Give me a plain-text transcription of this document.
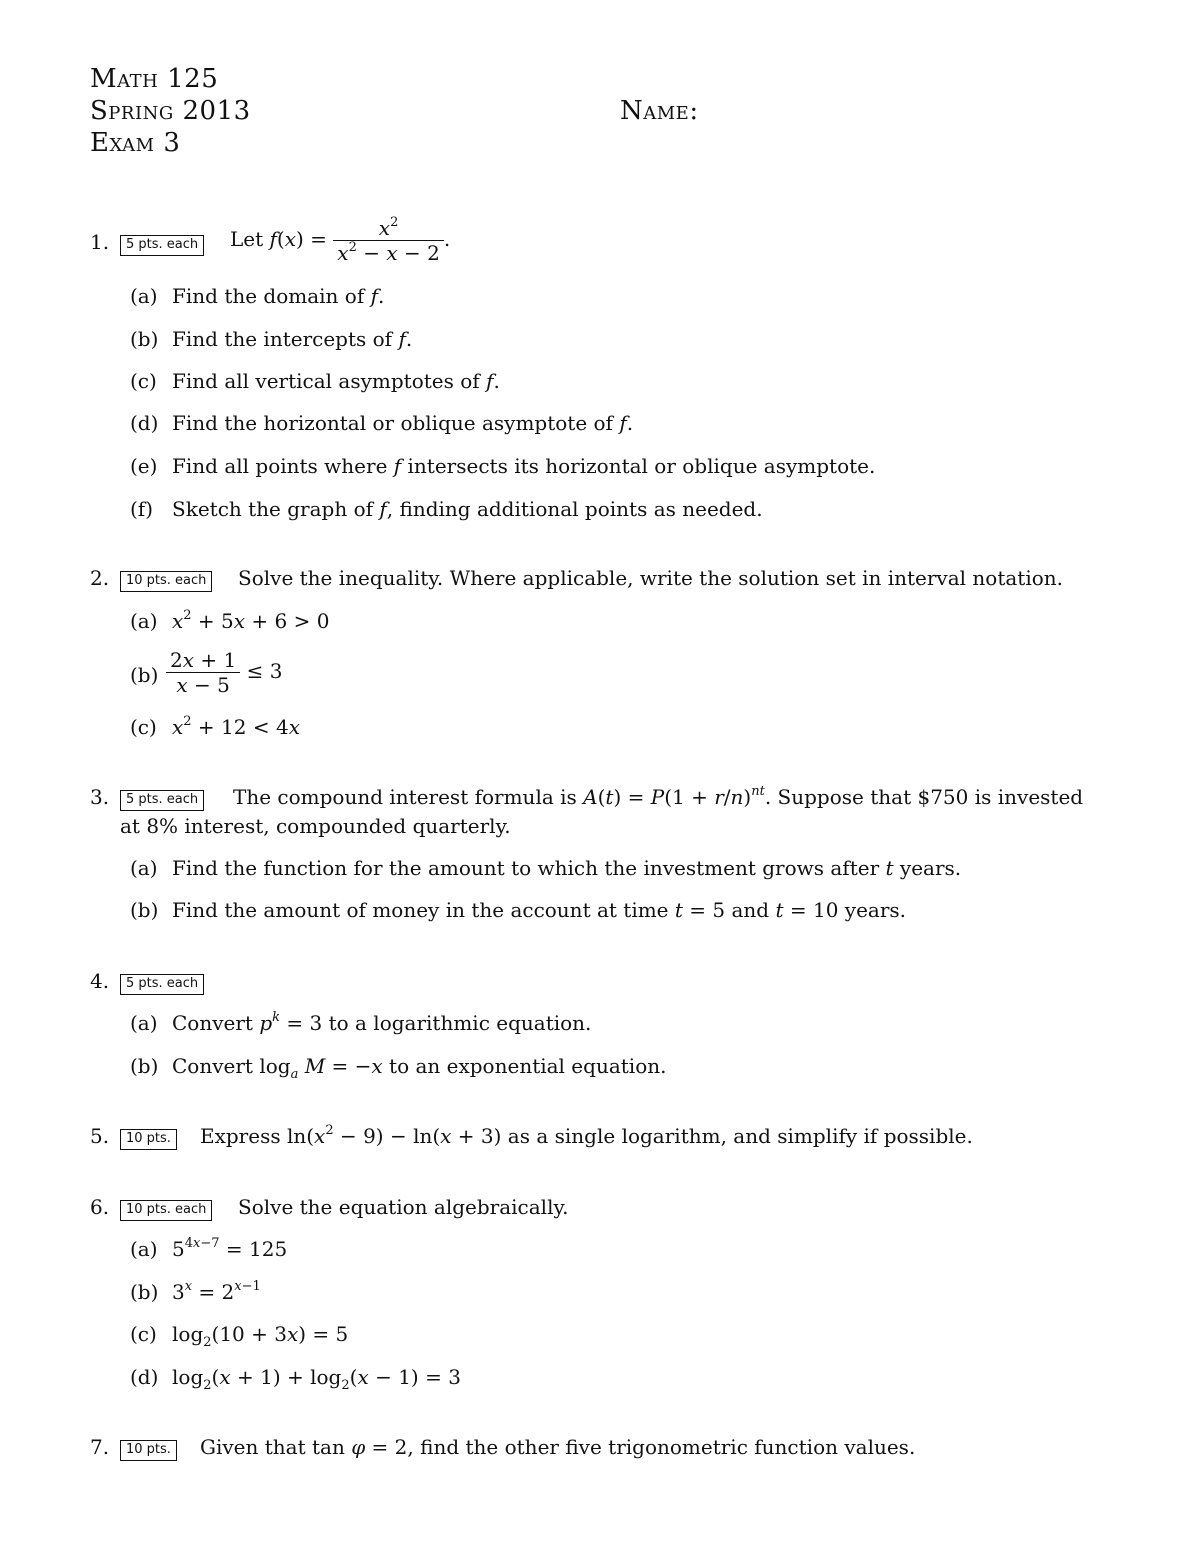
Math 125
Spring 2013
Exam 3
Name:
1.	5 pts. each	Let $f(x) = \frac{x^2}{x^2 - x - 2}$ .
(a) Find the domain of f.
(b) Find the intercepts of f.
(c) Find all vertical asymptotes of f.
(d) Find the horizontal or oblique asymptote of f.
(e) Find all points where f intersects its horizontal or oblique asymptote.
(f) Sketch the graph of f, finding additional points as needed.
2.	10 pts. each	Solve the inequality. Where applicable, write the solution set in interval notation.
(a) $x^2 + 5x + 6 > 0$
$(b) \frac{2x + 1}{x - 5} \le 3$
(c) $x^2 + 12 < 4x$
3.	5 pts. each	The compound interest formula is $A(t) = P(1 + r/n)^{nt}$. Suppose that $750 is invested
at 8% interest, compounded quarterly.
(a) Find the function for the amount to which the investment grows after t years.
(b) Find the amount of money in the account at time t = 5 and t = 10 years.
4.	5 pts. each
(a) Convert $p^k = 3$ to a logarithmic equation.
(b) Convert $\log_a M = -x$ to an exponential equation.
5.	10 pts.	Express $\ln(x^2 - 9) - \ln(x + 3)$ as a single logarithm, and simplify if possible.
6.	10 pts. each	Solve the equation algebraically.
(a) $5^{4x-7} = 125$
(b) $3^x = 2^{x-1}$
(c) $\log_2(10 + 3x) = 5$
(d) $\log_2(x + 1) + \log_2(x - 1) = 3$
7.	10 pts.	Given that tan φ = 2, find the other five trigonometric function values.
